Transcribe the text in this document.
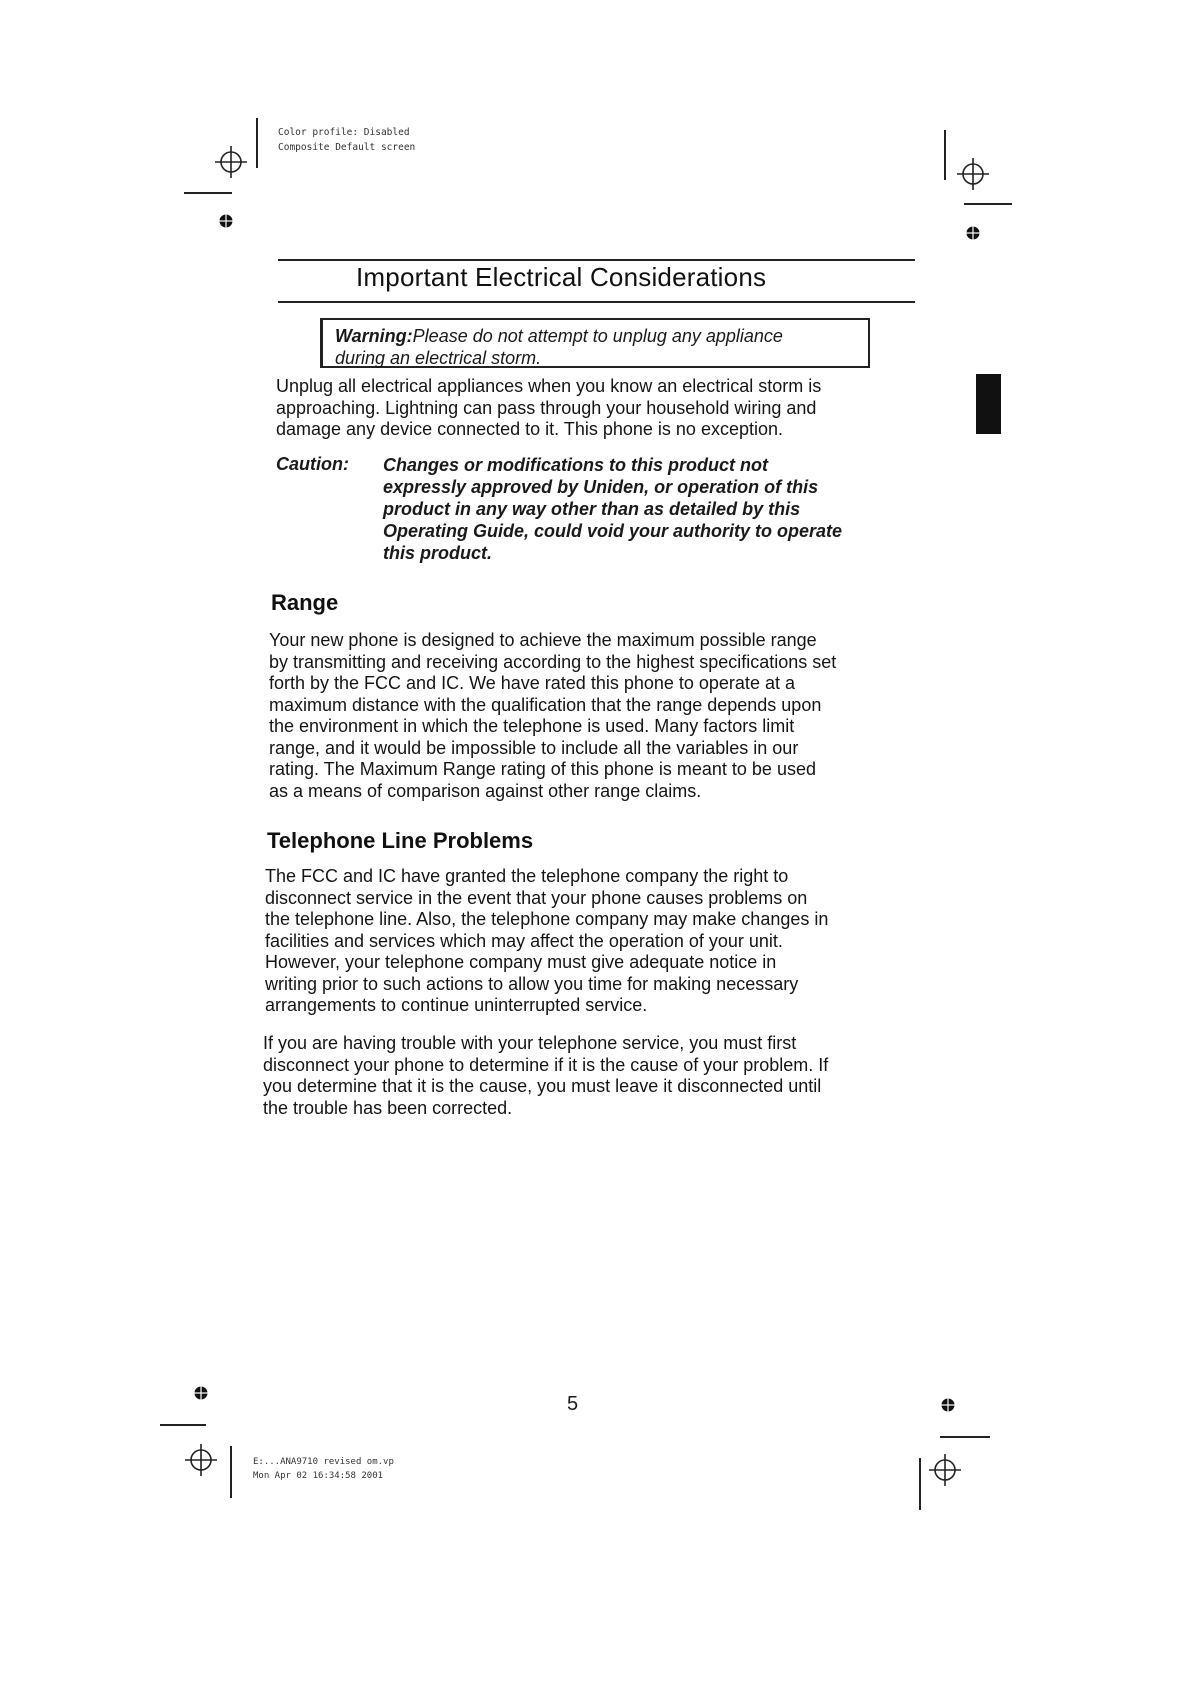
Color profile: Disabled
Composite Default screen
Important Electrical Considerations
Warning:Please do not attempt to unplug any appliance
during an electrical storm.
Unplug all electrical appliances when you know an electrical storm is
approaching. Lightning can pass through your household wiring and
damage any device connected to it. This phone is no exception.
Caution: Changes or modifications to this product not
expressly approved by Uniden, or operation of this
product in any way other than as detailed by this
Operating Guide, could void your authority to operate
this product.
Range
Your new phone is designed to achieve the maximum possible range
by transmitting and receiving according to the highest specifications set
forth by the FCC and IC. We have rated this phone to operate at a
maximum distance with the qualification that the range depends upon
the environment in which the telephone is used. Many factors limit
range, and it would be impossible to include all the variables in our
rating. The Maximum Range rating of this phone is meant to be used
as a means of comparison against other range claims.
Telephone Line Problems
The FCC and IC have granted the telephone company the right to
disconnect service in the event that your phone causes problems on
the telephone line. Also, the telephone company may make changes in
facilities and services which may affect the operation of your unit.
However, your telephone company must give adequate notice in
writing prior to such actions to allow you time for making necessary
arrangements to continue uninterrupted service.
If you are having trouble with your telephone service, you must first
disconnect your phone to determine if it is the cause of your problem. If
you determine that it is the cause, you must leave it disconnected until
the trouble has been corrected.
5
E:...ANA9710 revised om.vp
Mon Apr 02 16:34:58 2001
